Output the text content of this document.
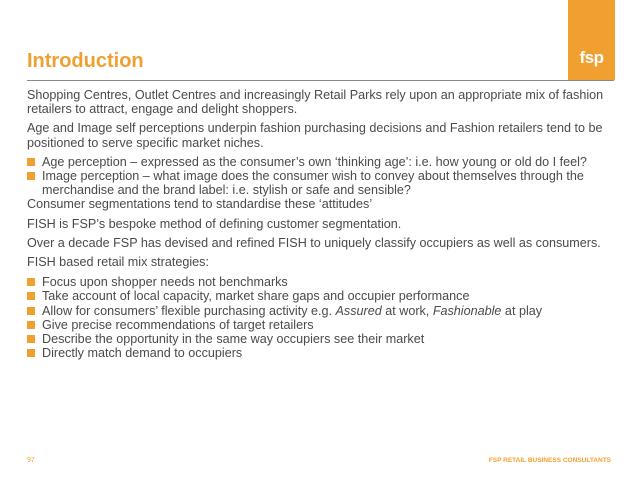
fsp
Introduction

Shopping Centres, Outlet Centres and increasingly Retail Parks rely upon an appropriate mix of fashion retailers to attract, engage and delight shoppers.

Age and Image self perceptions underpin fashion purchasing decisions and Fashion retailers tend to be positioned to serve specific market niches.

Age perception – expressed as the consumer’s own ‘thinking age’: i.e. how young or old do I feel?
Image perception – what image does the consumer wish to convey about themselves through the merchandise and the brand label: i.e. stylish or safe and sensible?

Consumer segmentations tend to standardise these ‘attitudes’

FISH is FSP’s bespoke method of defining customer segmentation.

Over a decade FSP has devised and refined FISH to uniquely classify occupiers as well as consumers.

FISH based retail mix strategies:

Focus upon shopper needs not benchmarks
Take account of local capacity, market share gaps and occupier performance
Allow for consumers’ flexible purchasing activity e.g. Assured at work, Fashionable at play
Give precise recommendations of target retailers
Describe the opportunity in the same way occupiers see their market
Directly match demand to occupiers
97	FSP RETAIL BUSINESS CONSULTANTS
